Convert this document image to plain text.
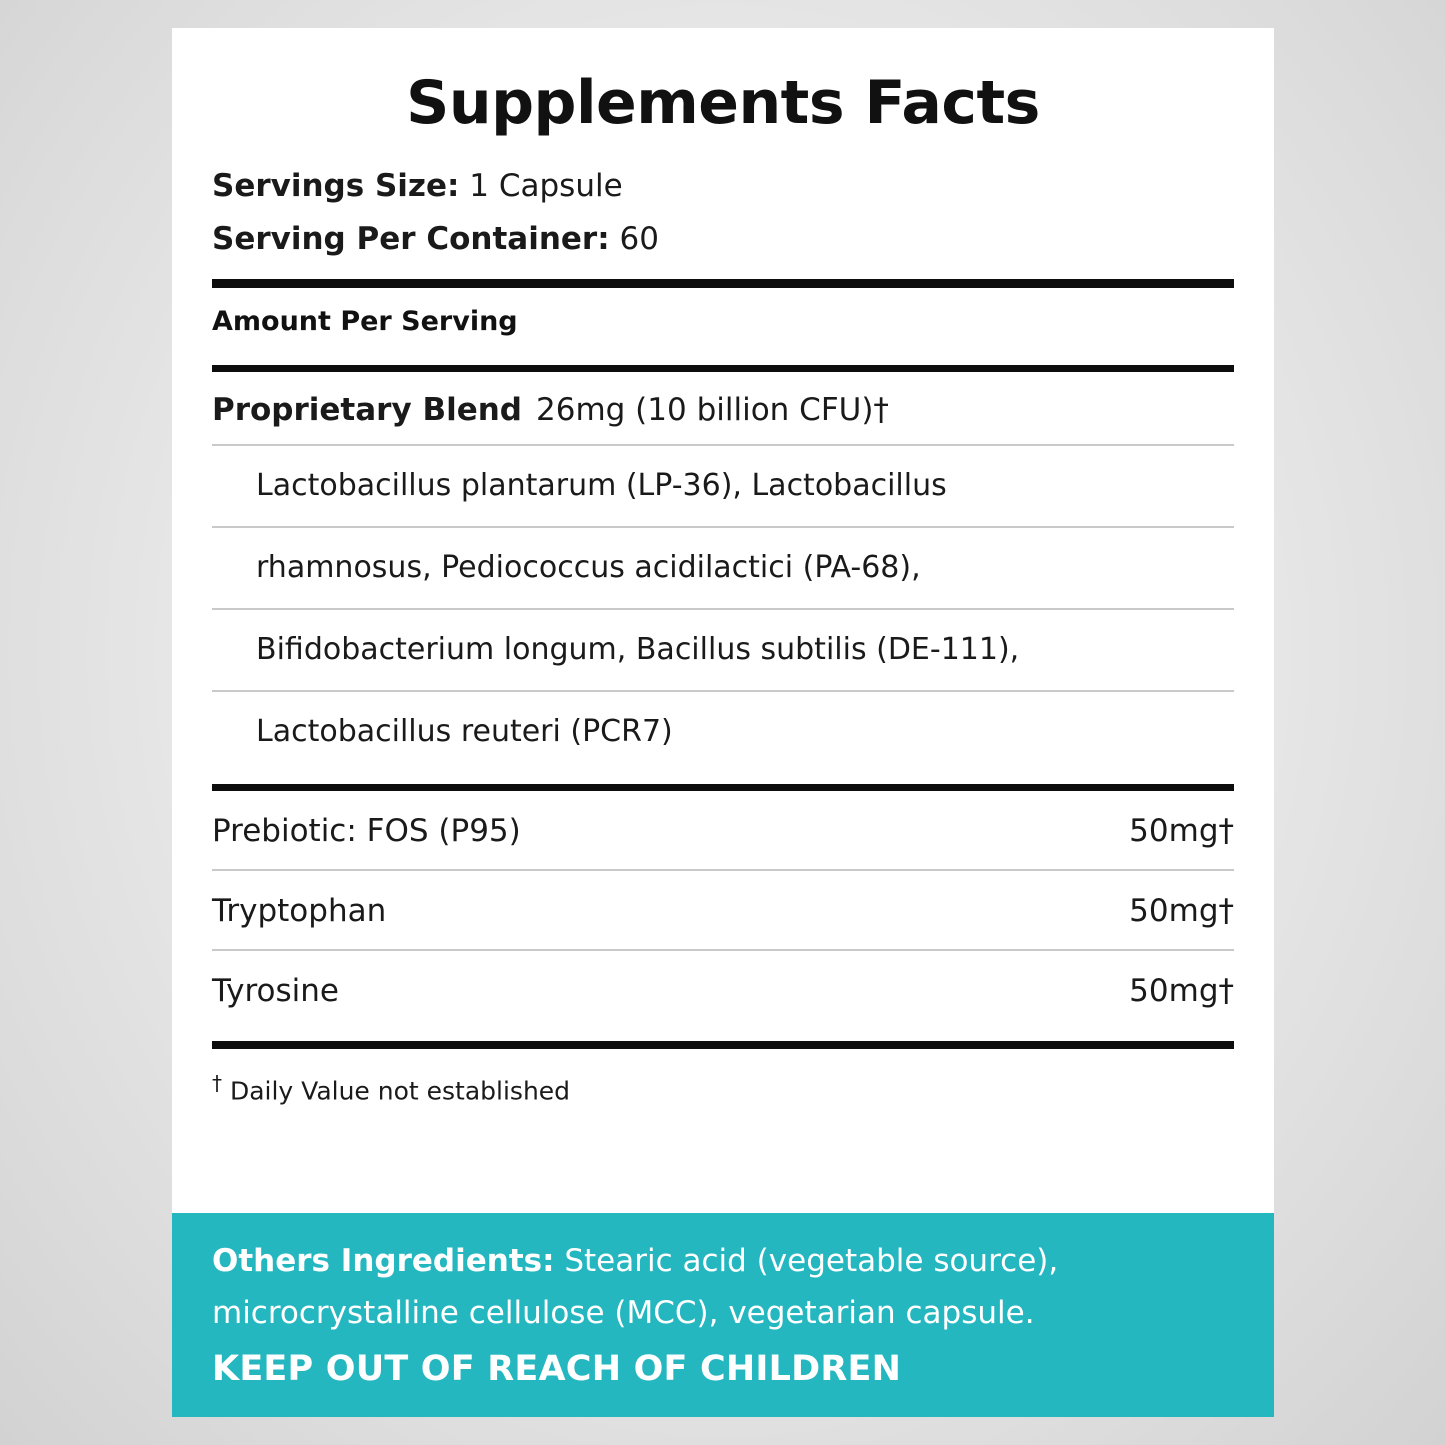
Supplements Facts
Servings Size: 1 Capsule
Serving Per Container: 60
Amount Per Serving
Proprietary Blend 26mg (10 billion CFU)†
Lactobacillus plantarum (LP-36), Lactobacillus
rhamnosus, Pediococcus acidilactici (PA-68),
Bifidobacterium longum, Bacillus subtilis (DE-111),
Lactobacillus reuteri (PCR7)
Prebiotic: FOS (P95)	50mg†
Tryptophan	50mg†
Tyrosine	50mg†
† Daily Value not established
Others Ingredients: Stearic acid (vegetable source), microcrystalline cellulose (MCC), vegetarian capsule.
KEEP OUT OF REACH OF CHILDREN
